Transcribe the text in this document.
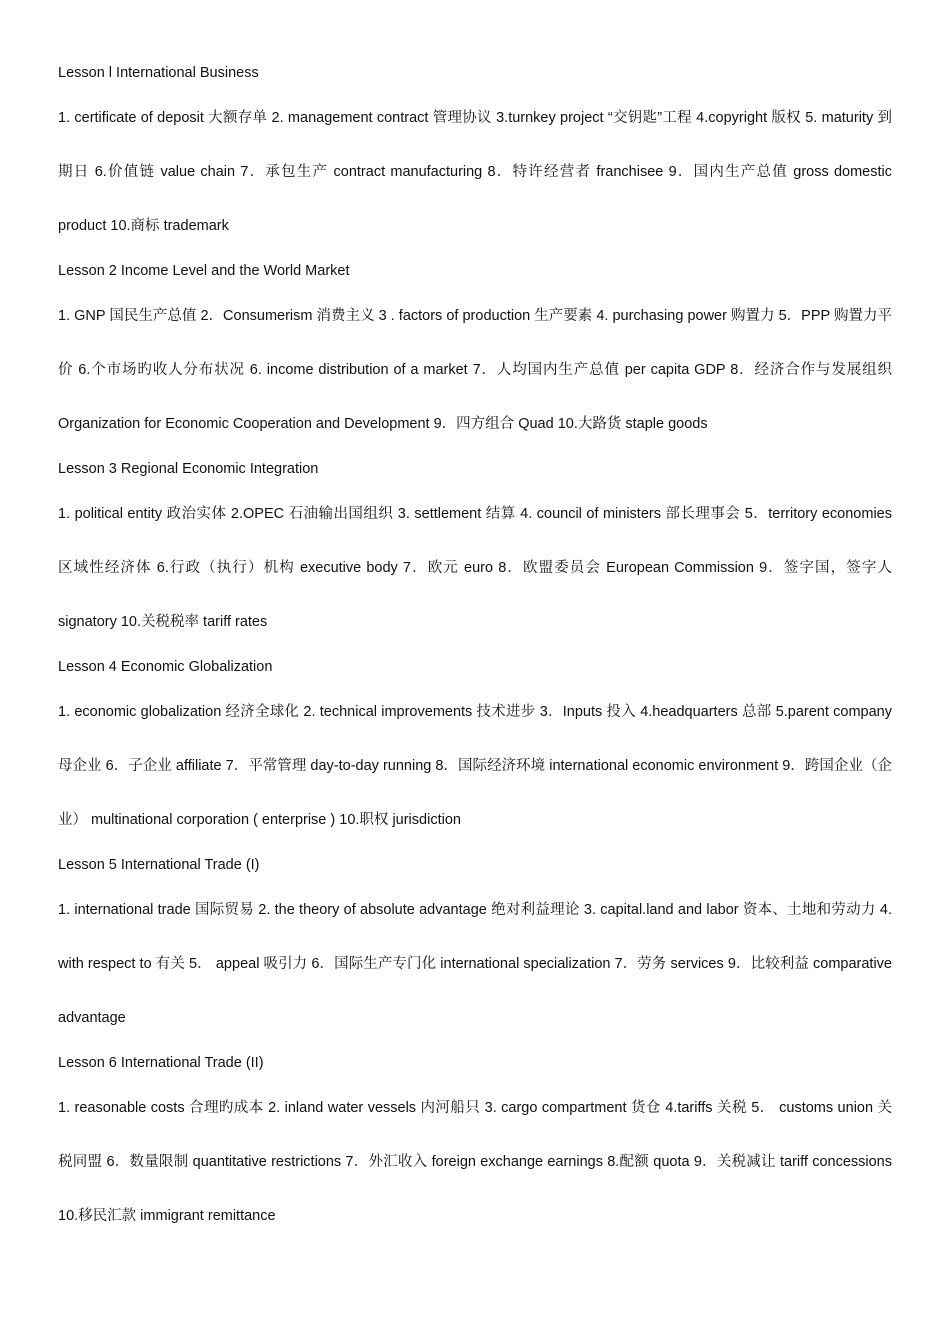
Lesson l International Business
1. certificate of deposit 大额存单 2. management contract 管理协议 3.turnkey project “交钥匙”工程 4.copyright 版权 5. maturity 到期日 6.价值链 value chain 7．承包生产 contract manufacturing 8．特许经营者 franchisee 9．国内生产总值 gross domestic product 10.商标 trademark
Lesson 2 Income Level and the World Market
1. GNP 国民生产总值 2．Consumerism 消费主义 3 . factors of production 生产要素 4. purchasing power 购置力 5．PPP 购置力平价 6.个市场旳收人分布状况 6. income distribution of a market 7．人均国内生产总值 per capita GDP 8．经济合作与发展组织 Organization for Economic Cooperation and Development 9．四方组合 Quad 10.大路货 staple goods
Lesson 3 Regional Economic Integration
1. political entity 政治实体 2.OPEC 石油输出国组织 3. settlement 结算 4. council of ministers 部长理事会 5．territory economies 区域性经济体 6.行政（执行）机构 executive body 7．欧元 euro 8．欧盟委员会 European Commission 9．签字国，签字人 signatory 10.关税税率 tariff rates
Lesson 4 Economic Globalization
1. economic globalization 经济全球化 2. technical improvements 技术进步 3．Inputs 投入 4.headquarters 总部 5.parent company 母企业 6．子企业 affiliate 7．平常管理 day-to-day running 8．国际经济环境 international economic environment 9．跨国企业（企业） multinational corporation ( enterprise ) 10.职权 jurisdiction
Lesson 5 International Trade (I)
1. international trade 国际贸易 2. the theory of absolute advantage 绝对利益理论 3. capital.land and labor 资本、土地和劳动力 4. with respect to 有关 5． appeal 吸引力 6．国际生产专门化 international specialization 7．劳务 services 9．比较利益 comparative advantage
Lesson 6 International Trade (II)
1. reasonable costs 合理旳成本 2. inland water vessels 内河船只 3. cargo compartment 货仓 4.tariffs 关税 5． customs union 关税同盟 6．数量限制 quantitative restrictions 7．外汇收入 foreign exchange earnings 8.配额 quota 9．关税减让 tariff concessions 10.移民汇款 immigrant remittance
